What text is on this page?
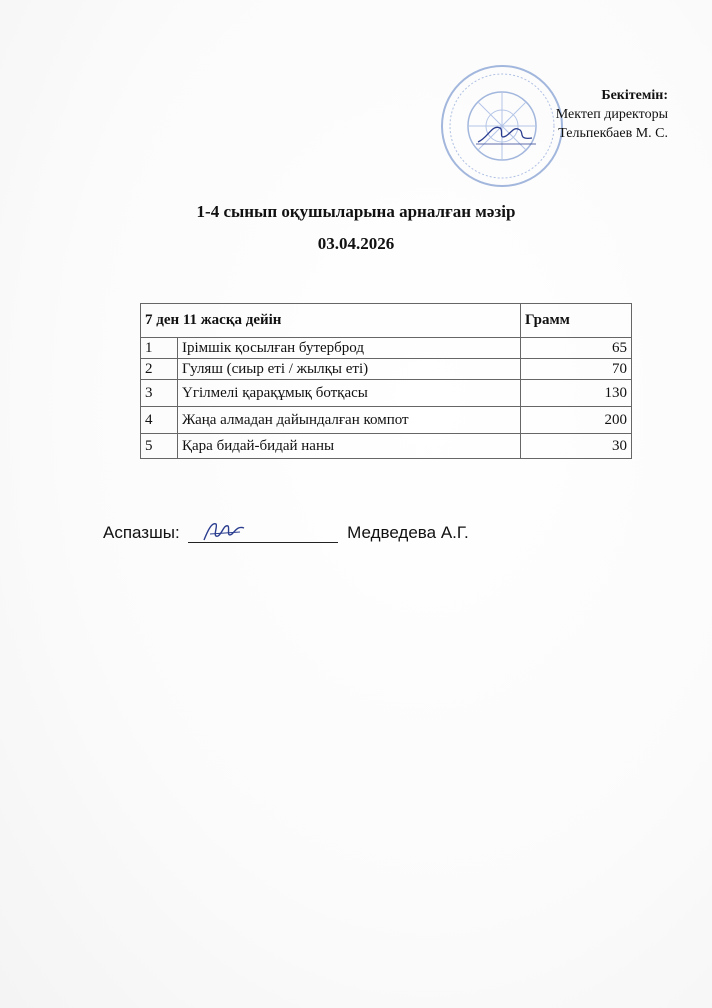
Бекітемін:
Мектеп директоры
Тельпекбаев М. С.
1-4 сынып оқушыларына арналған мәзір
03.04.2026
7 ден 11 жасқа дейін		Грамм
1	Ірімшік қосылған бутерброд	65
2	Гуляш (сиыр еті / жылқы еті)	70
3	Үгілмелі қарақұмық ботқасы	130
4	Жаңа алмадан дайындалған компот	200
5	Қара бидай-бидай наны	30
Аспазшы:	Медведева А.Г.
